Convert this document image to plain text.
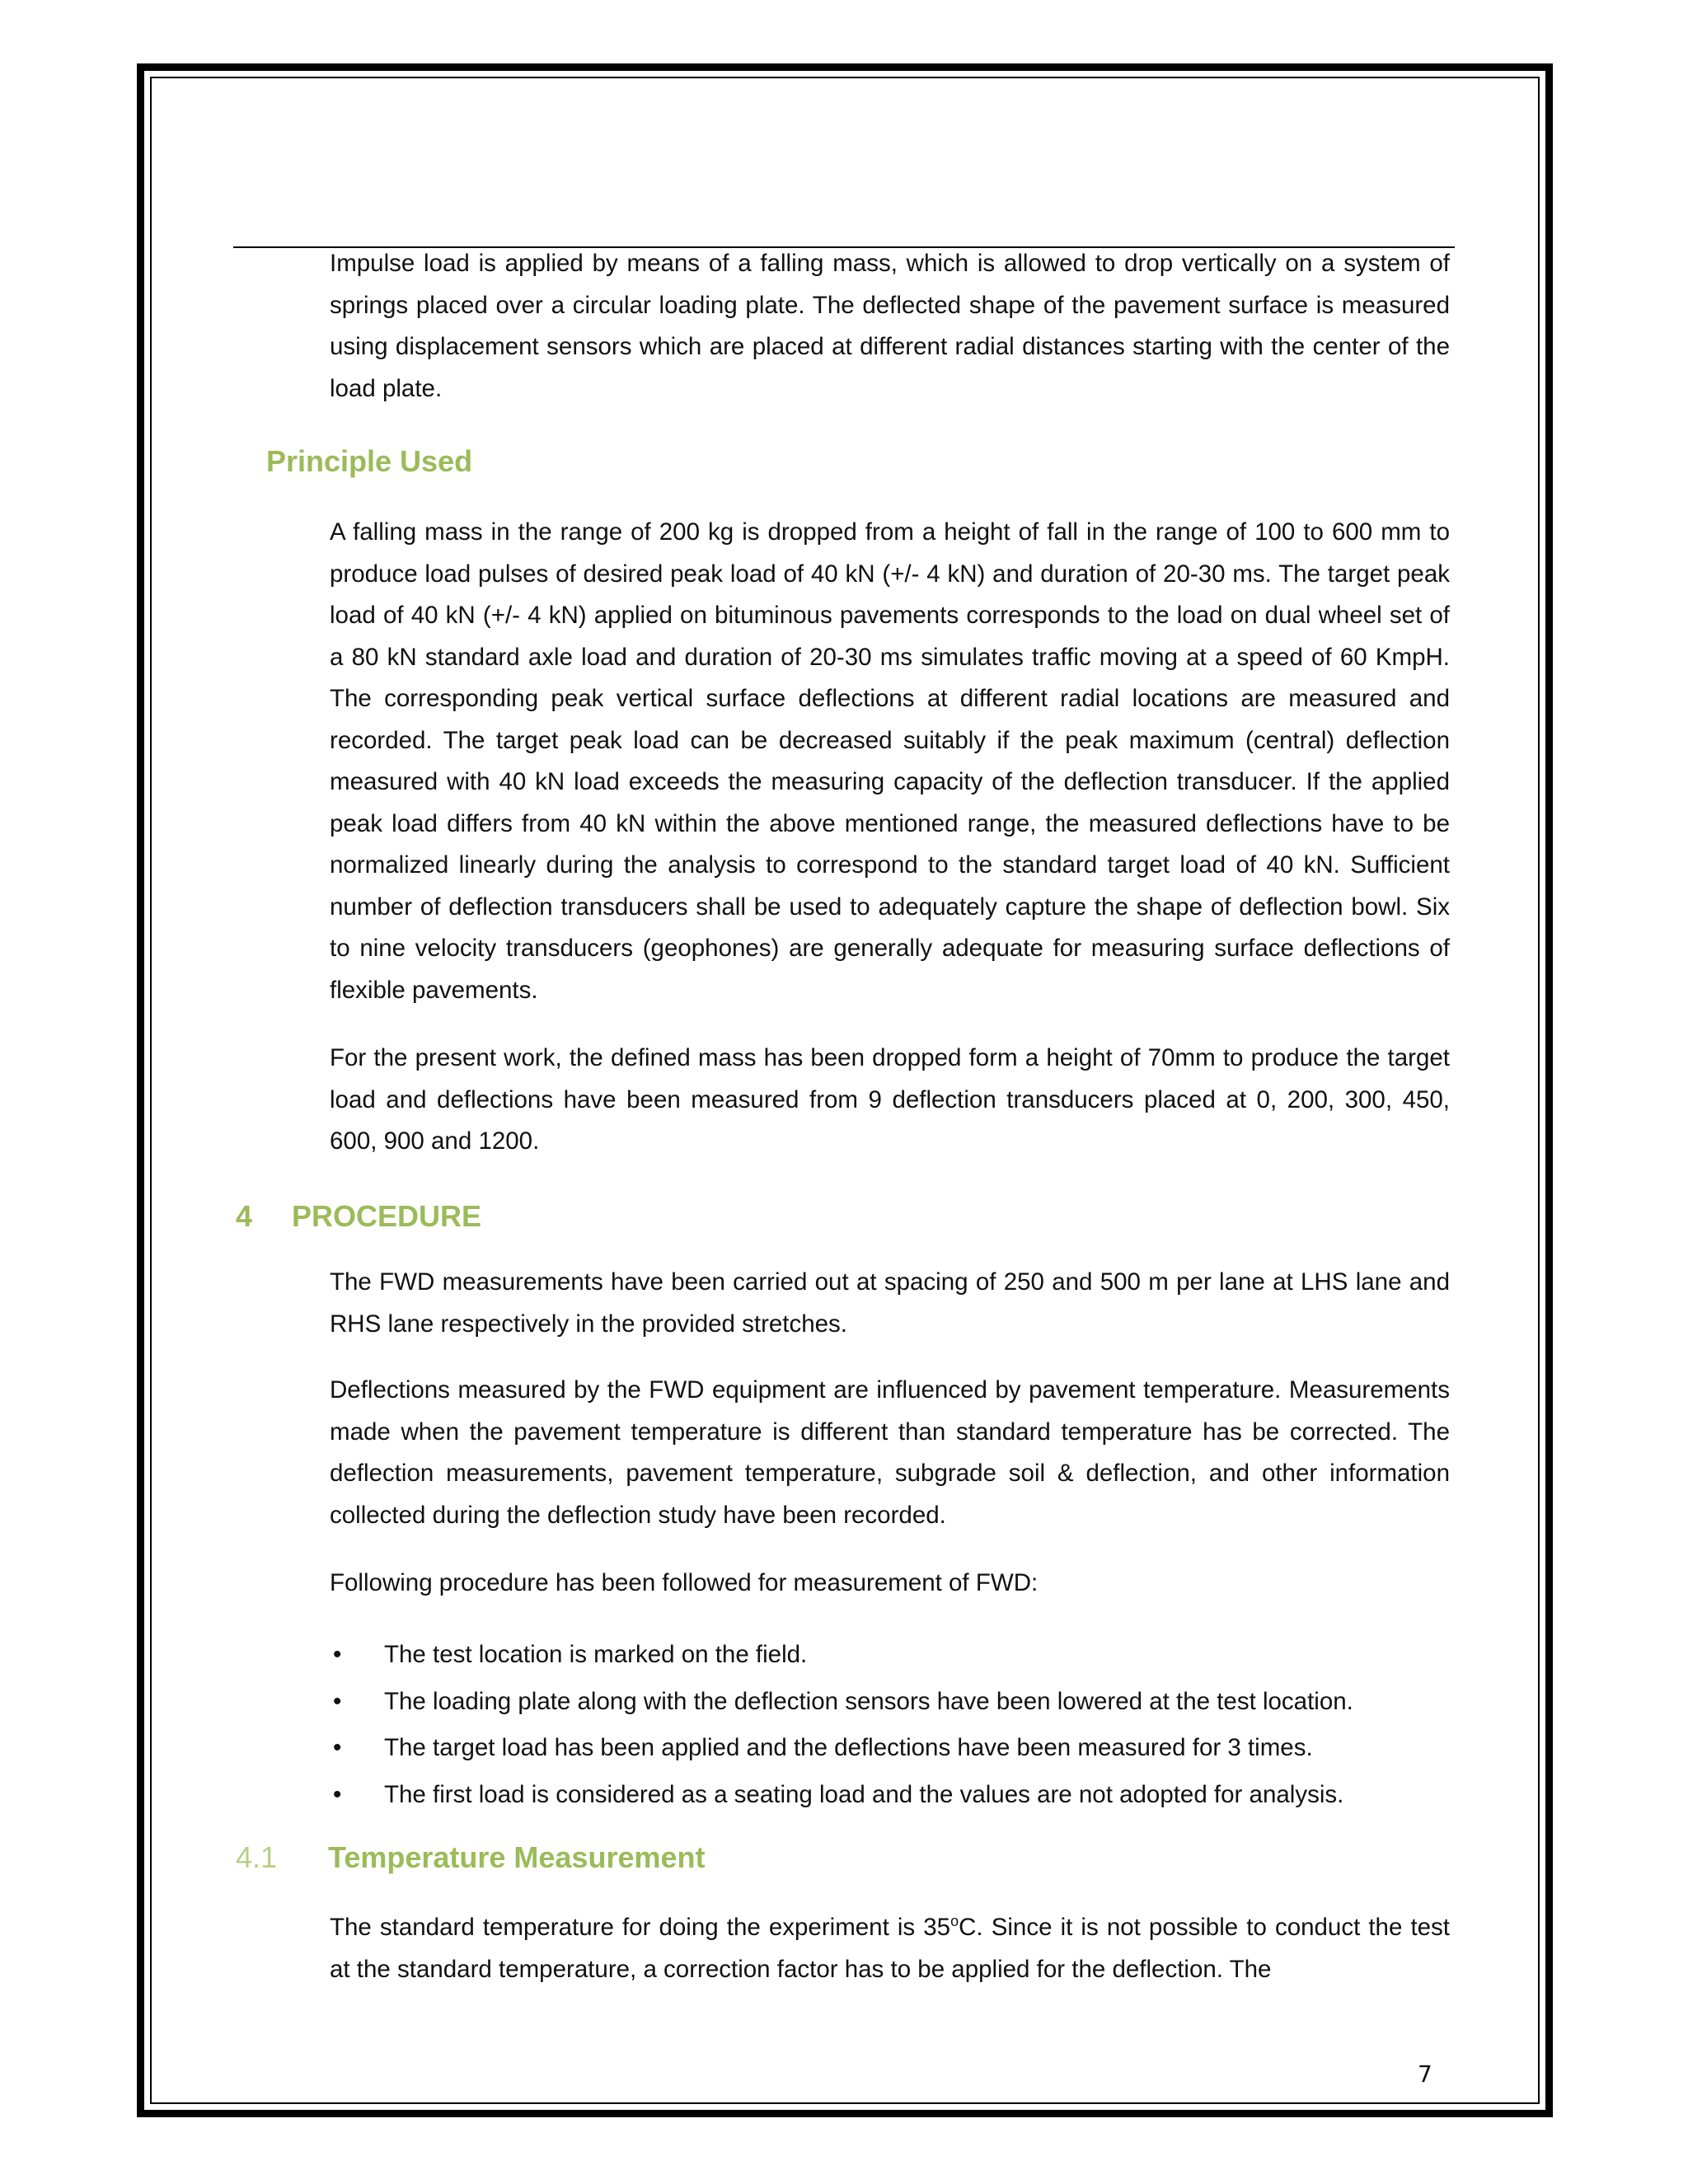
Impulse load is applied by means of a falling mass, which is allowed to drop vertically on a system of springs placed over a circular loading plate. The deflected shape of the pavement surface is measured using displacement sensors which are placed at different radial distances starting with the center of the load plate.

Principle Used

A falling mass in the range of 200 kg is dropped from a height of fall in the range of 100 to 600 mm to produce load pulses of desired peak load of 40 kN (+/- 4 kN) and duration of 20-30 ms. The target peak load of 40 kN (+/- 4 kN) applied on bituminous pavements corresponds to the load on dual wheel set of a 80 kN standard axle load and duration of 20-30 ms simulates traffic moving at a speed of 60 KmpH. The corresponding peak vertical surface deflections at different radial locations are measured and recorded. The target peak load can be decreased suitably if the peak maximum (central) deflection measured with 40 kN load exceeds the measuring capacity of the deflection transducer. If the applied peak load differs from 40 kN within the above mentioned range, the measured deflections have to be normalized linearly during the analysis to correspond to the standard target load of 40 kN. Sufficient number of deflection transducers shall be used to adequately capture the shape of deflection bowl. Six to nine velocity transducers (geophones) are generally adequate for measuring surface deflections of flexible pavements.

For the present work, the defined mass has been dropped form a height of 70mm to produce the target load and deflections have been measured from 9 deflection transducers placed at 0, 200, 300, 450, 600, 900 and 1200.

4 PROCEDURE

The FWD measurements have been carried out at spacing of 250 and 500 m per lane at LHS lane and RHS lane respectively in the provided stretches.

Deflections measured by the FWD equipment are influenced by pavement temperature. Measurements made when the pavement temperature is different than standard temperature has be corrected. The deflection measurements, pavement temperature, subgrade soil & deflection, and other information collected during the deflection study have been recorded.

Following procedure has been followed for measurement of FWD:

• The test location is marked on the field.
• The loading plate along with the deflection sensors have been lowered at the test location.
• The target load has been applied and the deflections have been measured for 3 times.
• The first load is considered as a seating load and the values are not adopted for analysis.
4.1 Temperature Measurement

The standard temperature for doing the experiment is 35$^o$C. Since it is not possible to conduct the test at the standard temperature, a correction factor has to be applied for the deflection. The

7
